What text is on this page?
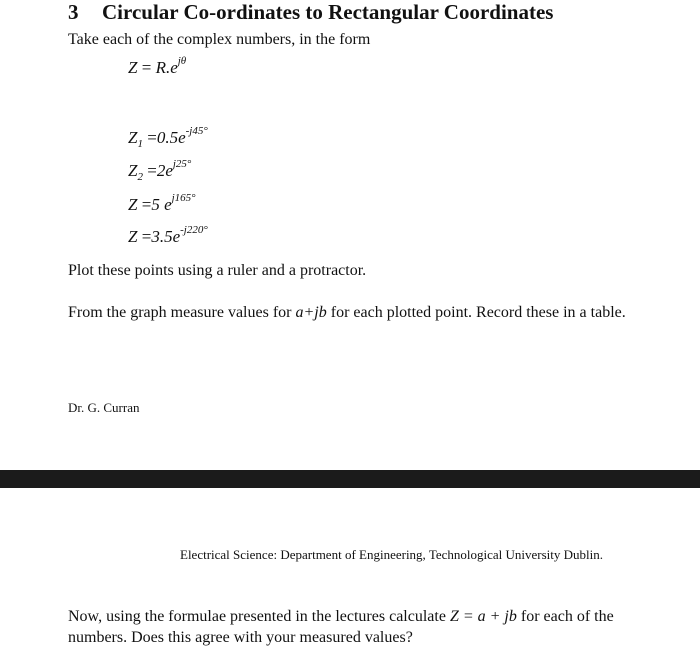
3 Circular Co-ordinates to Rectangular Coordinates
Take each of the complex numbers, in the form
$Z = R.e^{j\theta}$
$Z_1 =0.5e^{-j45^\circ}$
$Z_2 =2e^{j25^\circ}$
Z =5 $e^{j165^\circ}$
$Z =3.5e^{-j220^\circ}$
Plot these points using a ruler and a protractor.
From the graph measure values for a+jb for each plotted point. Record these in a table.
Dr. G. Curran
Electrical Science: Department of Engineering, Technological University Dublin.
Now, using the formulae presented in the lectures calculate Z = a + jb for each of the
numbers. Does this agree with your measured values?
